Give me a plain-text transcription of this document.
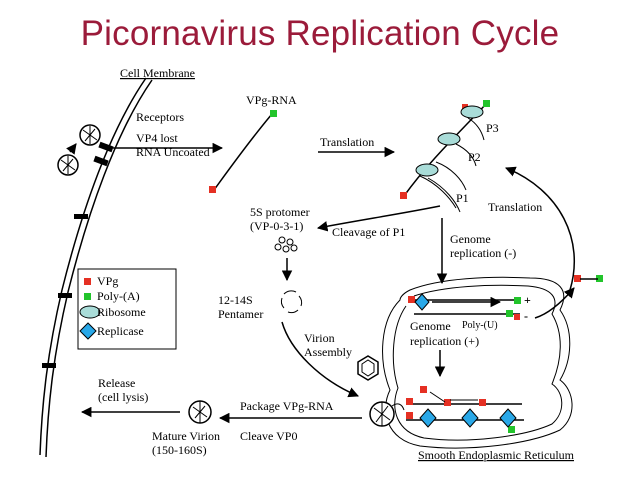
Picornavirus Replication Cycle
Cell Membrane
Receptors
VP4 lost
RNA Uncoated
VPg-RNA
Translation
P3
P2
P1
Translation
5S protomer
(VP-0-3-1) Cleavage of P1
12-14S
Pentamer
Genome
replication (-)
Smooth Endoplasmic Reticulum
+
-
Genome
replication (+)
Poly-(U)
Virion
Assembly
Package VPg-RNA
Cleave VP0
Mature Virion
(150-160S)
Release
(cell lysis)
VPg
Poly-(A)
Ribosome
Replicase
